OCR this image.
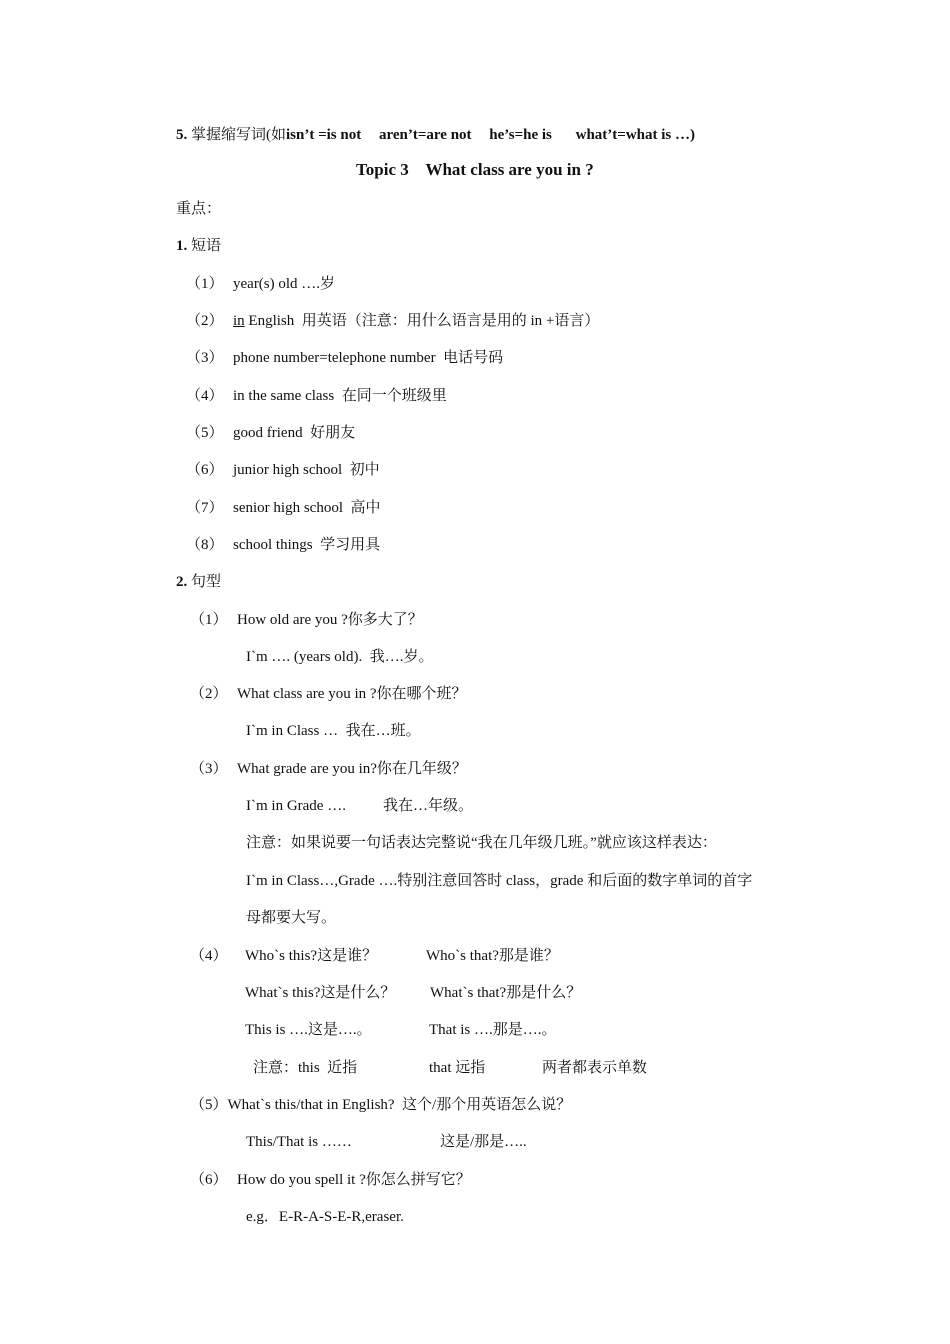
5. 掌握缩写词(如isn’t =is not aren’t=are not he’s=he is what’t=what is …)
Topic 3    What class are you in ?
重点：
1. 短语
（1） year(s) old ….岁
（2） in English  用英语（注意：用什么语言是用的 in +语言）
（3） phone number=telephone number  电话号码
（4） in the same class  在同一个班级里
（5） good friend  好朋友
（6） junior high school  初中
（7） senior high school  高中
（8） school things  学习用具
2. 句型
（1） How old are you ?你多大了？
I`m …. (years old).  我….岁。
（2） What class are you in ?你在哪个班？
I`m in Class …  我在…班。
（3） What grade are you in?你在几年级？
I`m in Grade …. 我在…年级。
注意：如果说要一句话表达完整说“我在几年级几班。”就应该这样表达：
I`m in Class…,Grade ….特别注意回答时 class，grade 和后面的数字单词的首字
母都要大写。
（4） Who`s this?这是谁？	Who`s that?那是谁？
What`s this?这是什么？ What`s that?那是什么？
This is ….这是….。	That is ….那是….。
注意：this  近指	that 远指	两者都表示单数
（5）What`s this/that in English?  这个/那个用英语怎么说？
This/That is ……	这是/那是…..
（6） How do you spell it ?你怎么拼写它？
e.g．E-R-A-S-E-R,eraser.
